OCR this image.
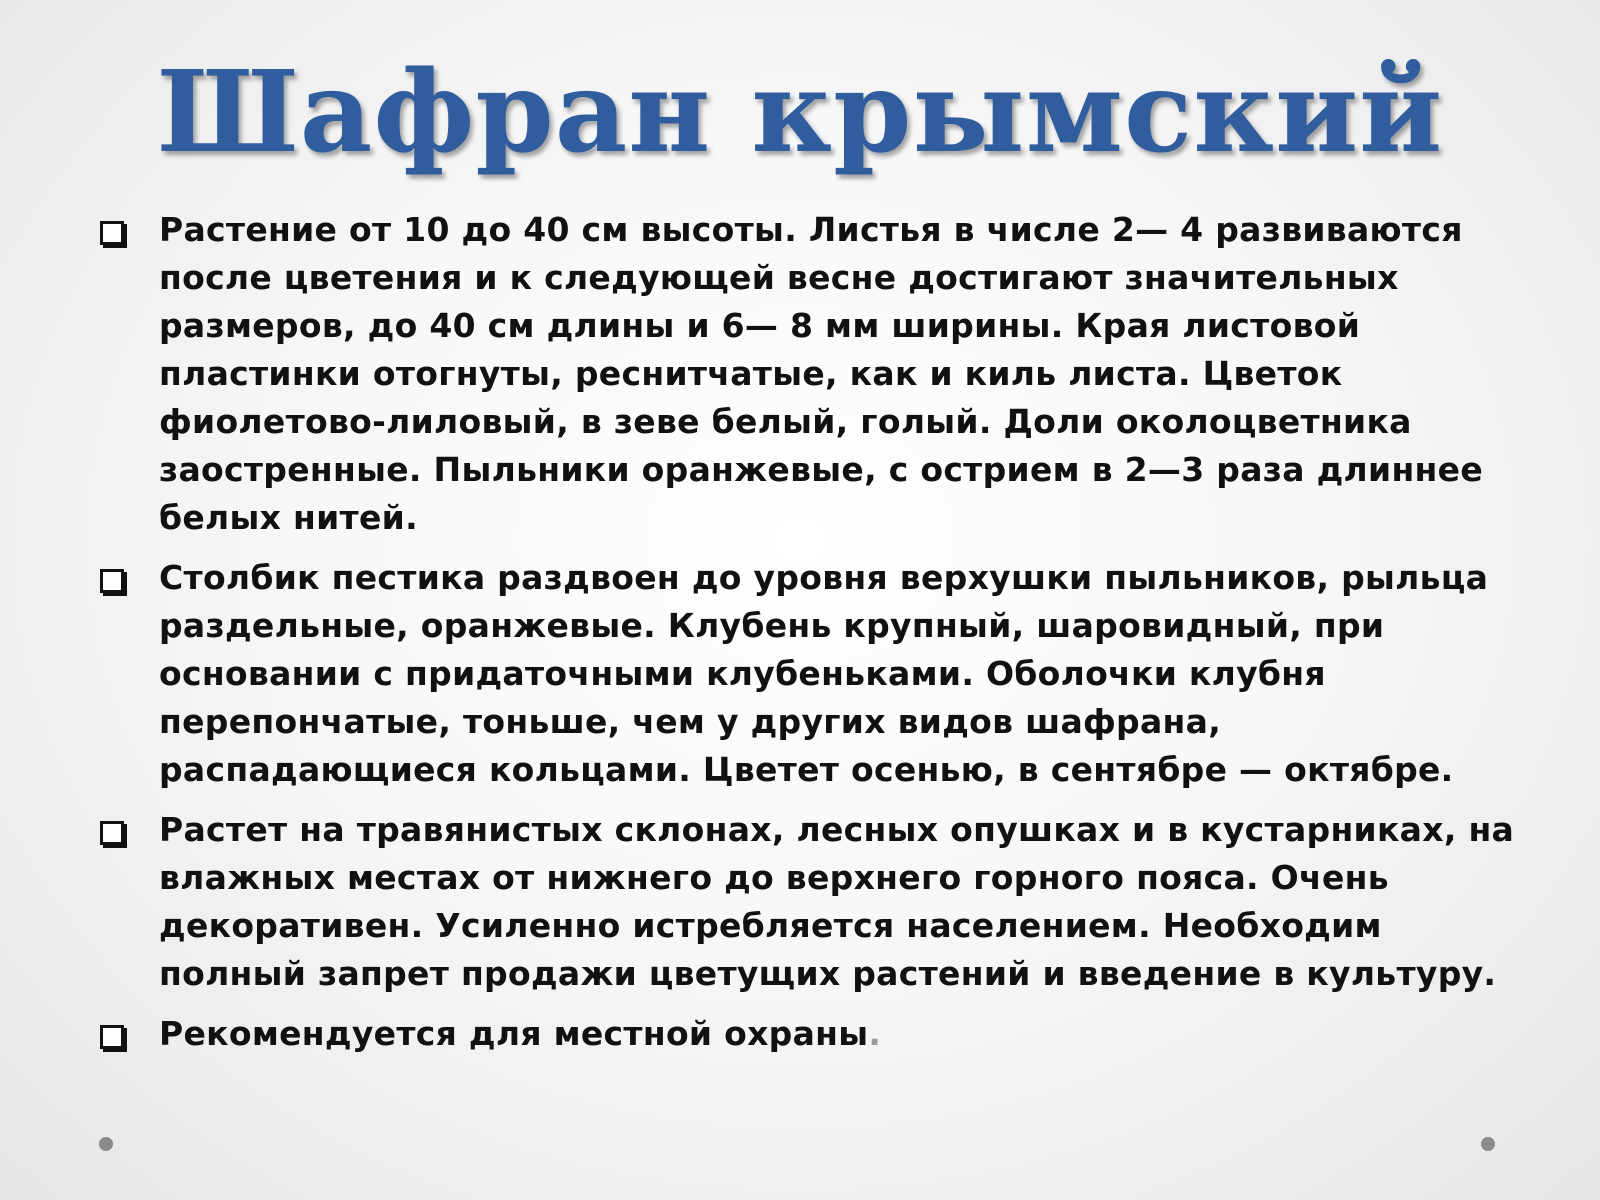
Шафран крымский
Растение от 10 до 40 см высоты. Листья в числе 2— 4 развиваются после цветения и к следующей весне достигают значительных размеров, до 40 см длины и 6— 8 мм ширины. Края листовой пластинки отогнуты, реснитчатые, как и киль листа. Цветок фиолетово-лиловый, в зеве белый, голый. Доли околоцветника заостренные. Пыльники оранжевые, с острием в 2—3 раза длиннее белых нитей.
Столбик пестика раздвоен до уровня верхушки пыльников, рыльца раздельные, оранжевые. Клубень крупный, шаровидный, при основании с придаточными клубеньками. Оболочки клубня перепончатые, тоньше, чем у других видов шафрана, распадающиеся кольцами. Цветет осенью, в сентябре — октябре.
Растет на травянистых склонах, лесных опушках и в кустарниках, на влажных местах от нижнего до верхнего горного пояса. Очень декоративен. Усиленно истребляется населением. Необходим полный запрет продажи цветущих растений и введение в культуру.
Рекомендуется для местной охраны.
